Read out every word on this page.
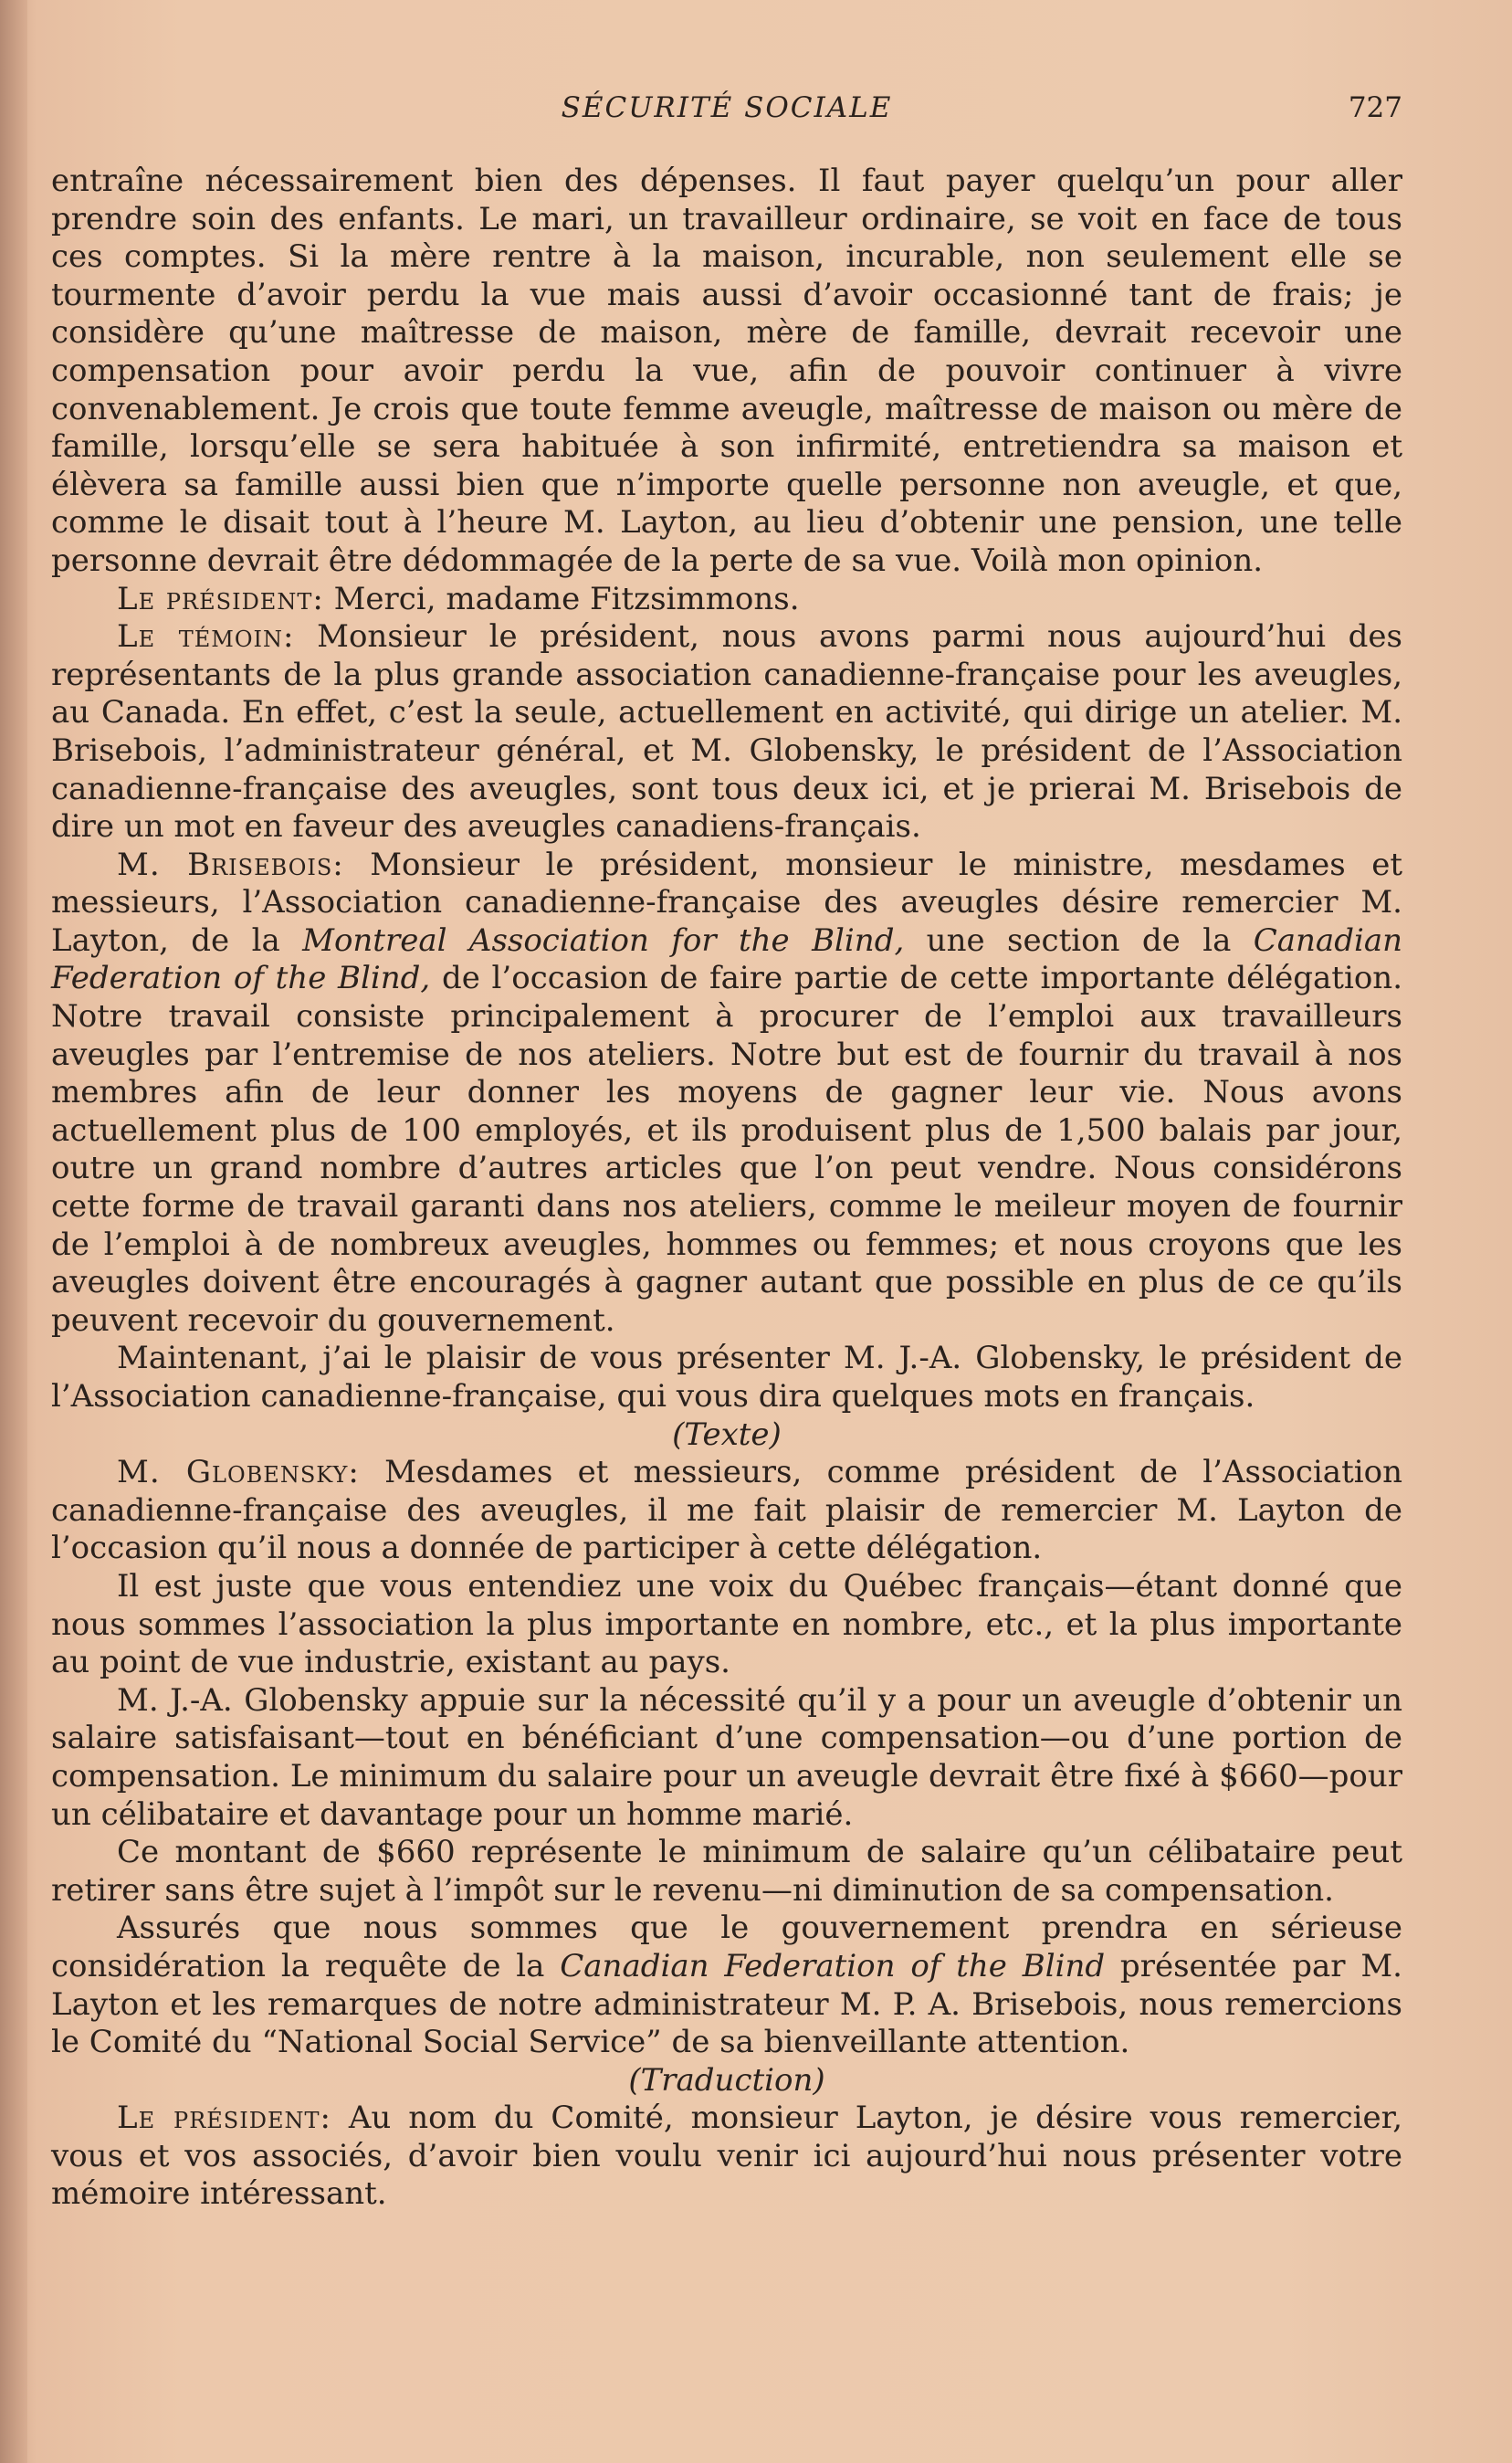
SÉCURITÉ SOCIALE	727

entraîne nécessairement bien des dépenses. Il faut payer quelqu’un pour aller prendre soin des enfants. Le mari, un travailleur ordinaire, se voit en face de tous ces comptes. Si la mère rentre à la maison, incurable, non seulement elle se tourmente d’avoir perdu la vue mais aussi d’avoir occasionné tant de frais; je considère qu’une maîtresse de maison, mère de famille, devrait recevoir une compensation pour avoir perdu la vue, afin de pouvoir continuer à vivre convenablement. Je crois que toute femme aveugle, maîtresse de maison ou mère de famille, lorsqu’elle se sera habituée à son infirmité, entretiendra sa maison et élèvera sa famille aussi bien que n’importe quelle personne non aveugle, et que, comme le disait tout à l’heure M. Layton, au lieu d’obtenir une pension, une telle personne devrait être dédommagée de la perte de sa vue. Voilà mon opinion.

Le président: Merci, madame Fitzsimmons.

Le témoin: Monsieur le président, nous avons parmi nous aujourd’hui des représentants de la plus grande association canadienne-française pour les aveugles, au Canada. En effet, c’est la seule, actuellement en activité, qui dirige un atelier. M. Brisebois, l’administrateur général, et M. Globensky, le président de l’Association canadienne-française des aveugles, sont tous deux ici, et je prierai M. Brisebois de dire un mot en faveur des aveugles canadiens-français.

M. Brisebois: Monsieur le président, monsieur le ministre, mesdames et messieurs, l’Association canadienne-française des aveugles désire remercier M. Layton, de la Montreal Association for the Blind, une section de la Canadian Federation of the Blind, de l’occasion de faire partie de cette importante délégation. Notre travail consiste principalement à procurer de l’emploi aux travailleurs aveugles par l’entremise de nos ateliers. Notre but est de fournir du travail à nos membres afin de leur donner les moyens de gagner leur vie. Nous avons actuellement plus de 100 employés, et ils produisent plus de 1,500 balais par jour, outre un grand nombre d’autres articles que l’on peut vendre. Nous considérons cette forme de travail garanti dans nos ateliers, comme le meileur moyen de fournir de l’emploi à de nombreux aveugles, hommes ou femmes; et nous croyons que les aveugles doivent être encouragés à gagner autant que possible en plus de ce qu’ils peuvent recevoir du gouvernement.

Maintenant, j’ai le plaisir de vous présenter M. J.-A. Globensky, le président de l’Association canadienne-française, qui vous dira quelques mots en français.

(Texte)

M. Globensky: Mesdames et messieurs, comme président de l’Association canadienne-française des aveugles, il me fait plaisir de remercier M. Layton de l’occasion qu’il nous a donnée de participer à cette délégation.

Il est juste que vous entendiez une voix du Québec français—étant donné que nous sommes l’association la plus importante en nombre, etc., et la plus importante au point de vue industrie, existant au pays.

M. J.-A. Globensky appuie sur la nécessité qu’il y a pour un aveugle d’obtenir un salaire satisfaisant—tout en bénéficiant d’une compensation—ou d’une portion de compensation. Le minimum du salaire pour un aveugle devrait être fixé à $660—pour un célibataire et davantage pour un homme marié.

Ce montant de $660 représente le minimum de salaire qu’un célibataire peut retirer sans être sujet à l’impôt sur le revenu—ni diminution de sa compensation.

Assurés que nous sommes que le gouvernement prendra en sérieuse considération la requête de la Canadian Federation of the Blind présentée par M. Layton et les remarques de notre administrateur M. P. A. Brisebois, nous remercions le Comité du “National Social Service” de sa bienveillante attention.

(Traduction)

Le président: Au nom du Comité, monsieur Layton, je désire vous remercier, vous et vos associés, d’avoir bien voulu venir ici aujourd’hui nous présenter votre mémoire intéressant.
